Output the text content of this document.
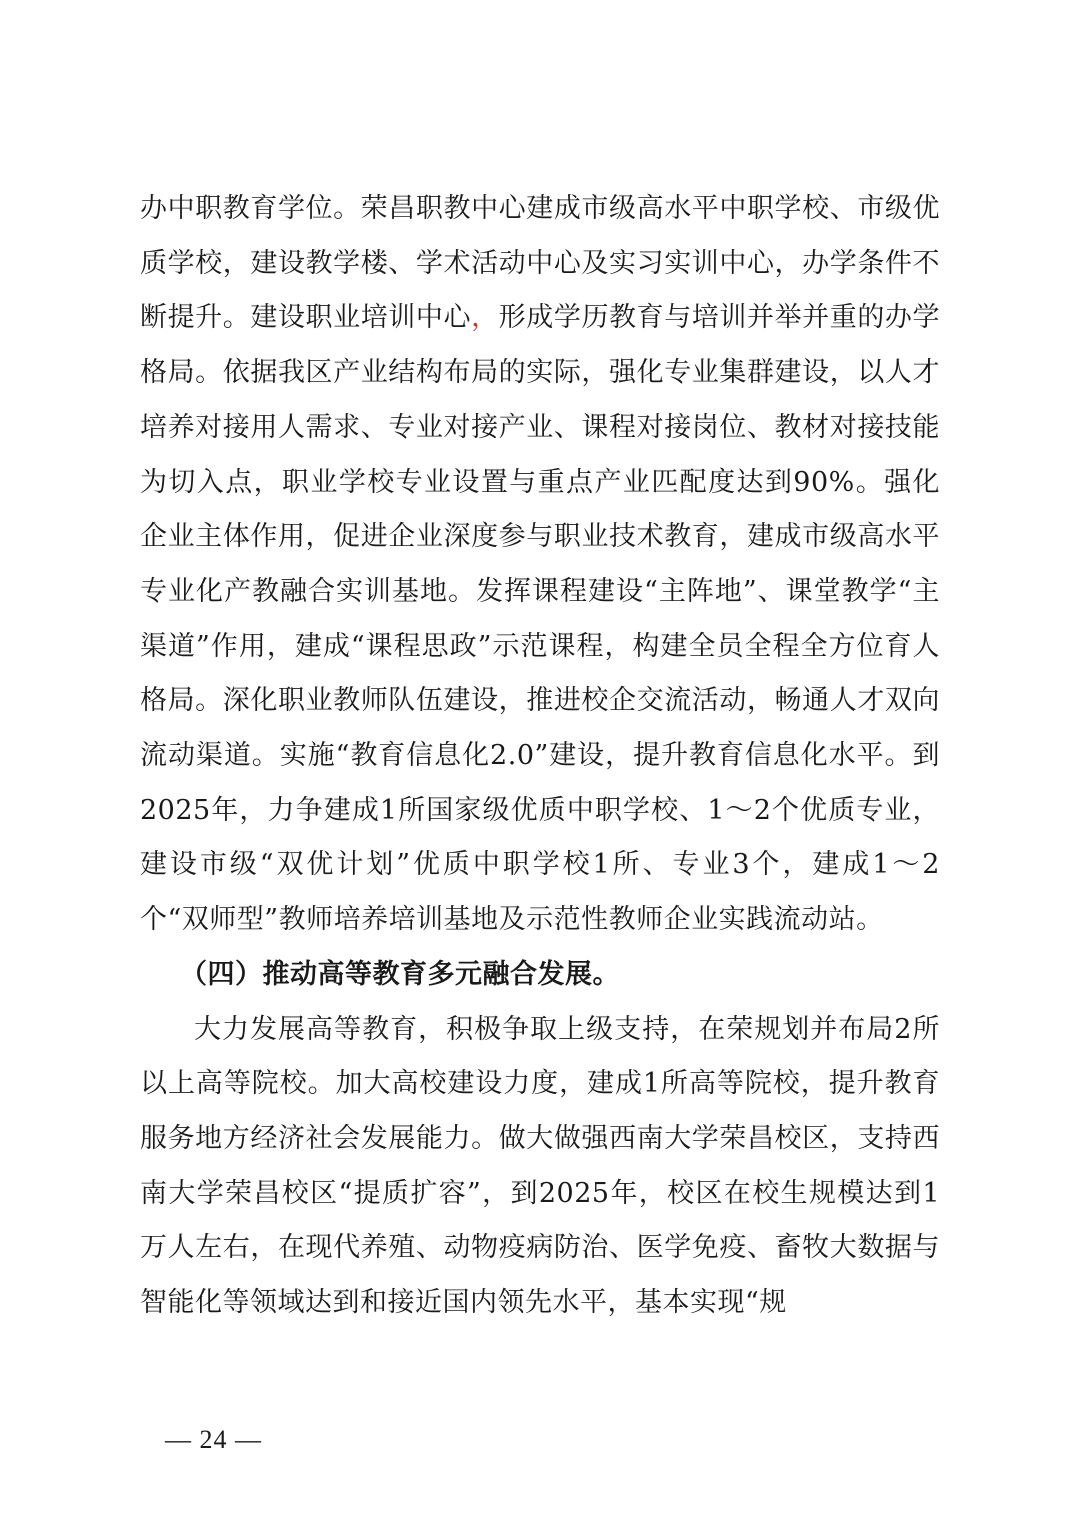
办中职教育学位。荣昌职教中心建成市级高水平中职学校、市级优质学校，建设教学楼、学术活动中心及实习实训中心，办学条件不断提升。建设职业培训中心，形成学历教育与培训并举并重的办学格局。依据我区产业结构布局的实际，强化专业集群建设，以人才培养对接用人需求、专业对接产业、课程对接岗位、教材对接技能为切入点，职业学校专业设置与重点产业匹配度达到90%。强化企业主体作用，促进企业深度参与职业技术教育，建成市级高水平专业化产教融合实训基地。发挥课程建设“主阵地”、课堂教学“主渠道”作用，建成“课程思政”示范课程，构建全员全程全方位育人格局。深化职业教师队伍建设，推进校企交流活动，畅通人才双向流动渠道。实施“教育信息化2.0”建设，提升教育信息化水平。到2025年，力争建成1所国家级优质中职学校、1～2个优质专业，建设市级“双优计划”优质中职学校1所、专业3个，建成1～2个“双师型”教师培养培训基地及示范性教师企业实践流动站。

（四）推动高等教育多元融合发展。

大力发展高等教育，积极争取上级支持，在荣规划并布局2所以上高等院校。加大高校建设力度，建成1所高等院校，提升教育服务地方经济社会发展能力。做大做强西南大学荣昌校区，支持西南大学荣昌校区“提质扩容”，到2025年，校区在校生规模达到1万人左右，在现代养殖、动物疫病防治、医学免疫、畜牧大数据与智能化等领域达到和接近国内领先水平，基本实现“规

— 24 —
